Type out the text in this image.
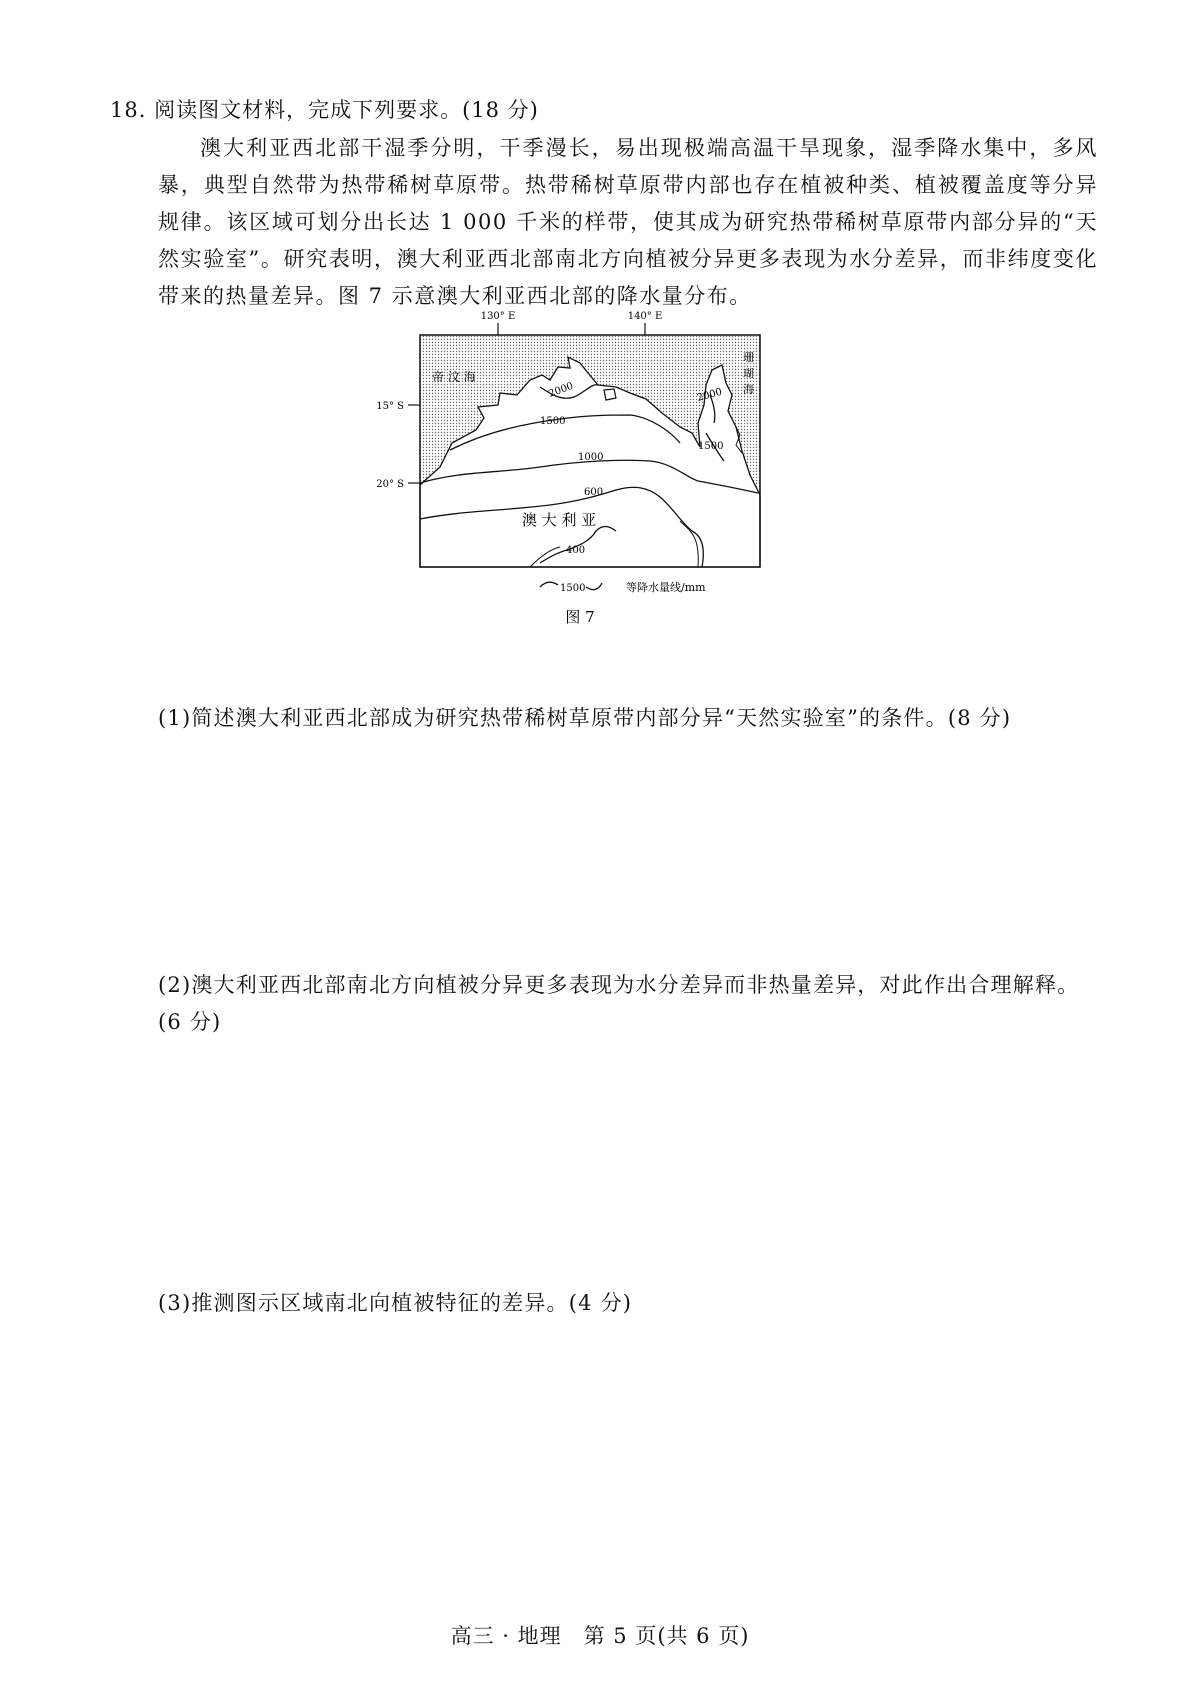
18. 阅读图文材料，完成下列要求。(18 分)

澳大利亚西北部干湿季分明，干季漫长，易出现极端高温干旱现象，湿季降水集中，多风暴，典型自然带为热带稀树草原带。热带稀树草原带内部也存在植被种类、植被覆盖度等分异规律。该区域可划分出长达 1 000 千米的样带，使其成为研究热带稀树草原带内部分异的“天然实验室”。研究表明，澳大利亚西北部南北方向植被分异更多表现为水分差异，而非纬度变化带来的热量差异。图 7 示意澳大利亚西北部的降水量分布。

130° E	140° E
15° S
20° S
帝 汶 海
珊
瑚
海
澳 大 利 亚
2000
1500
1000
600
400
2000
1500
1500	等降水量线/mm
图 7

(1)简述澳大利亚西北部成为研究热带稀树草原带内部分异“天然实验室”的条件。(8 分)

(2)澳大利亚西北部南北方向植被分异更多表现为水分差异而非热量差异，对此作出合理解释。(6 分)

(3)推测图示区域南北向植被特征的差异。(4 分)

高三 · 地理　第 5 页(共 6 页)
